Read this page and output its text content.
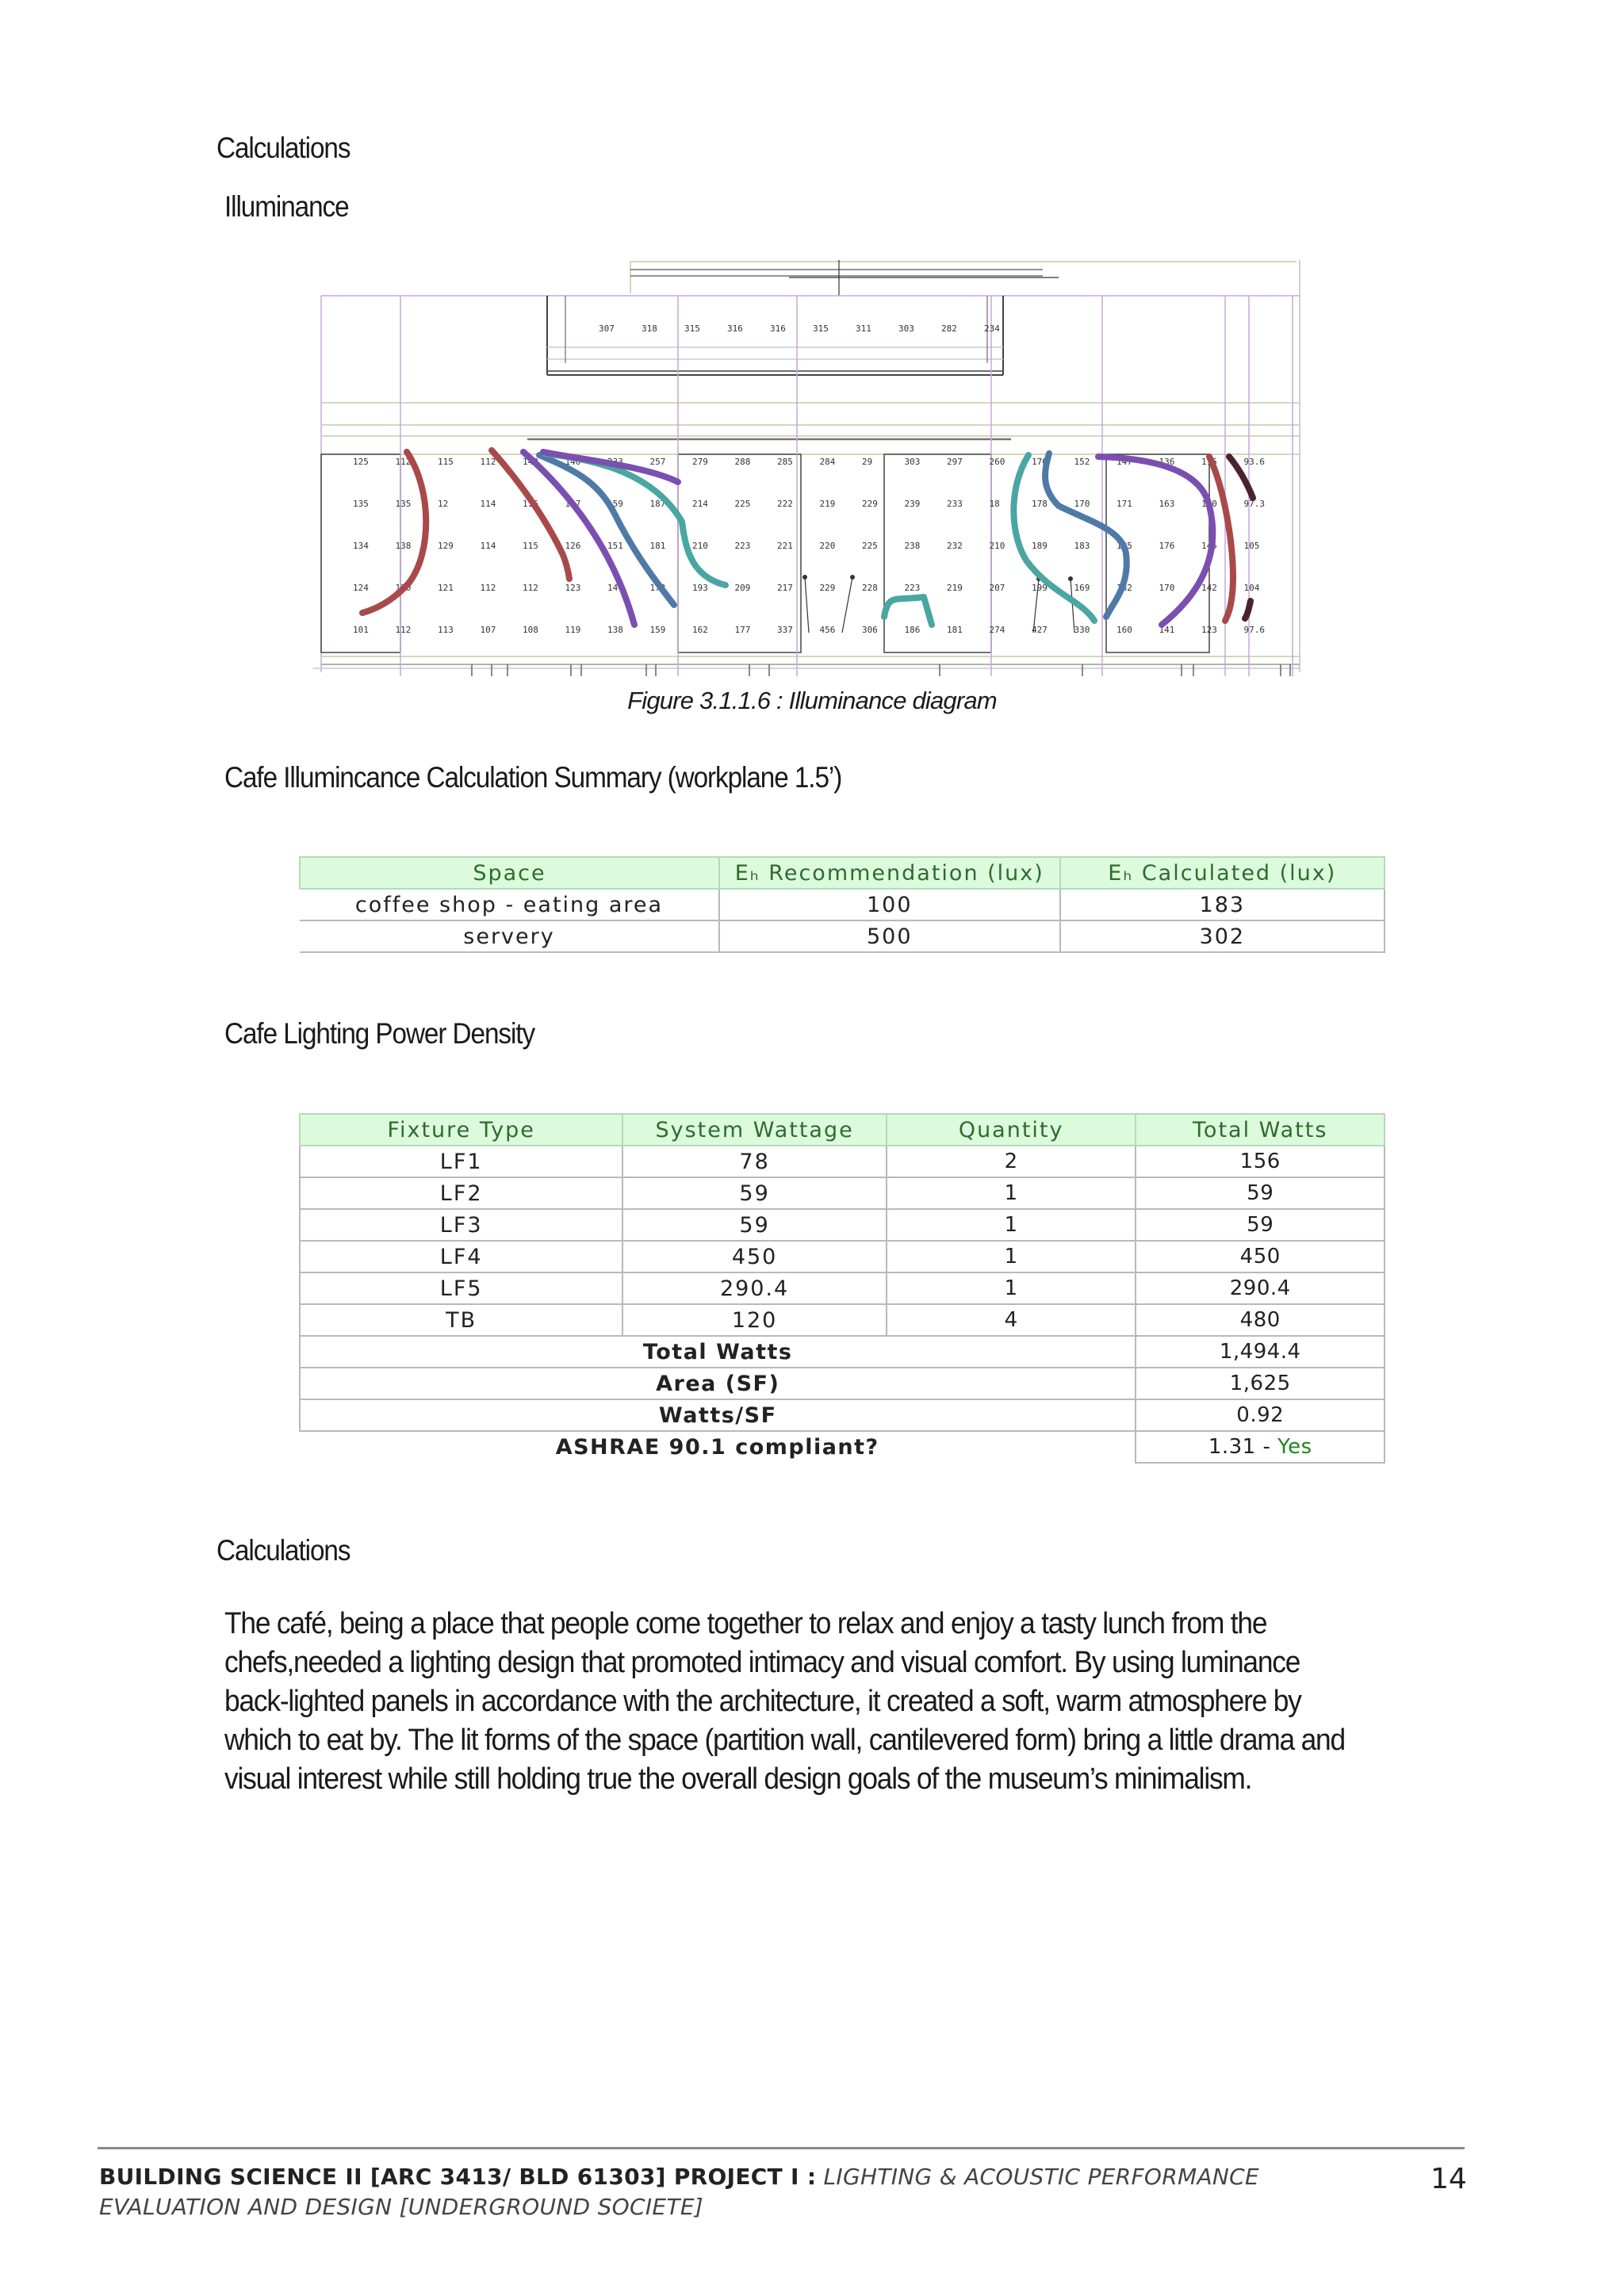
Calculations
Illuminance
307	318	315	316	316	315	311	303	282	234
125	112	115	112	148	140	233	257	279	288	285	284	29	303	297	260	170	152	147	136	115	93.6
135	135	12	114	116	137	159	187	214	225	222	219	229	239	233	18	178	170	171	163	130	97.3
134	138	129	114	115	126	151	181	210	223	221	220	225	238	232	210	189	183	185	176	145	105
124	130	121	112	112	123	14	172	193	209	217	229	228	223	219	207	199	169	182	170	142	104
101	112	113	107	108	119	138	159	162	177	337	456	306	186	181	274	427	330	160	141	123	97.6
Figure 3.1.1.6 : Illuminance diagram
Cafe Illumincance Calculation Summary (workplane 1.5’)
Space	Eₕ Recommendation (lux)	Eₕ Calculated (lux)
coffee shop - eating area	100	183
servery	500	302
Cafe Lighting Power Density
Fixture Type	System Wattage	Quantity	Total Watts
LF1	78	2	156
LF2	59	1	59
LF3	59	1	59
LF4	450	1	450
LF5	290.4	1	290.4
TB	120	4	480
Total Watts			1,494.4
Area (SF)			1,625
Watts/SF			0.92
ASHRAE 90.1 compliant?			1.31 - Yes
Calculations
The café, being a place that people come together to relax and enjoy a tasty lunch from the chefs,needed a lighting design that promoted intimacy and visual comfort. By using luminance back-lighted panels in accordance with the architecture, it created a soft, warm atmosphere by which to eat by. The lit forms of the space (partition wall, cantilevered form) bring a little drama and visual interest while still holding true the overall design goals of the museum’s minimalism.
BUILDING SCIENCE II [ARC 3413/ BLD 61303] PROJECT I : LIGHTING & ACOUSTIC PERFORMANCE EVALUATION AND DESIGN [UNDERGROUND SOCIETE]
14
